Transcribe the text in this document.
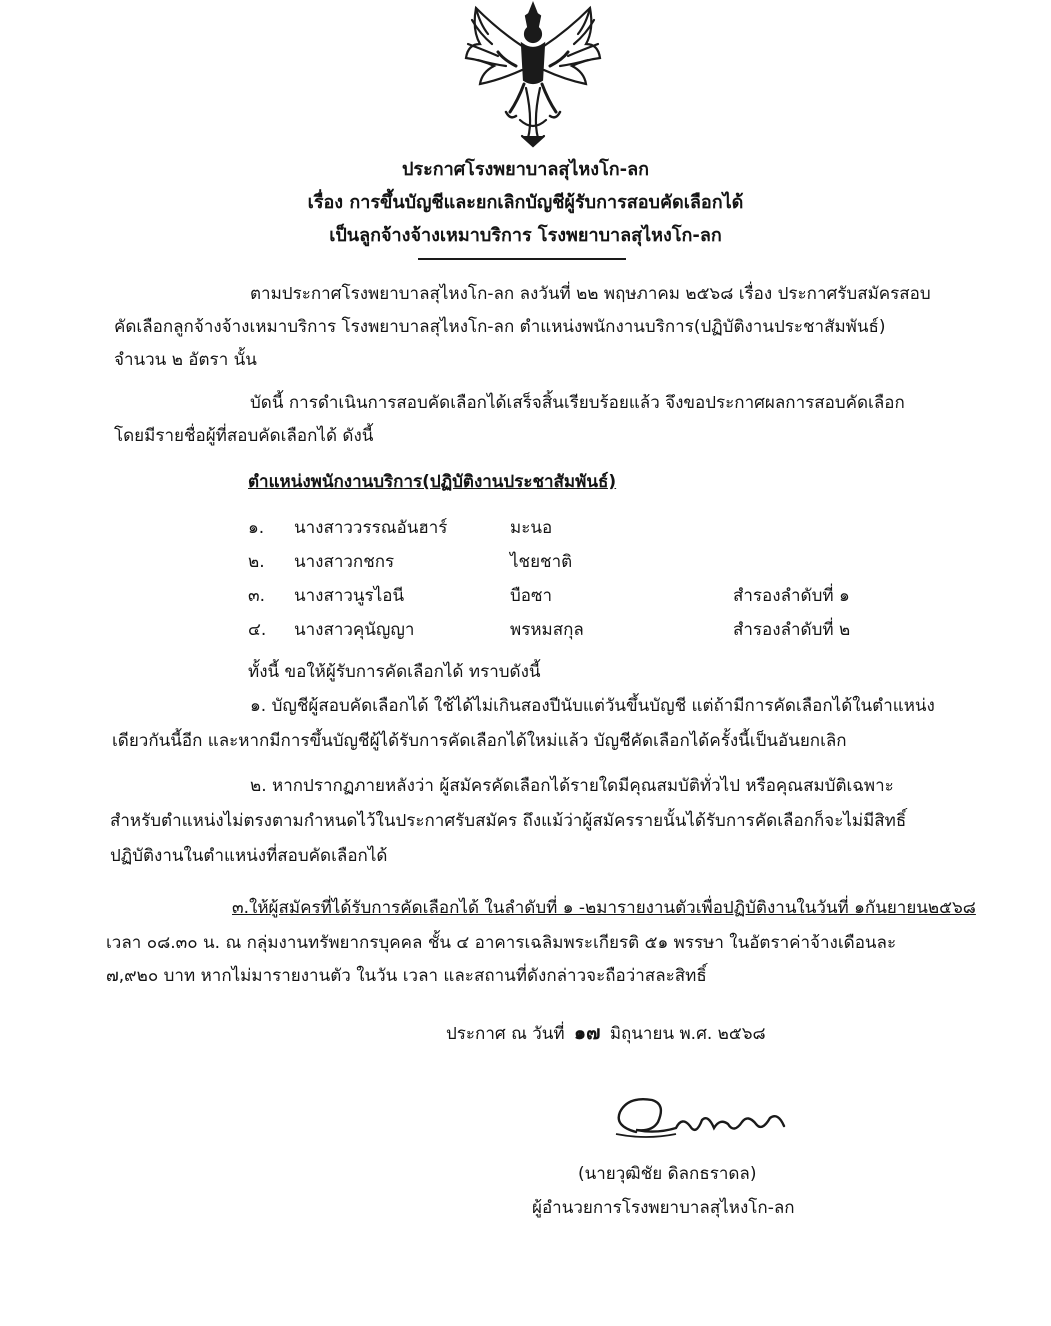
ประกาศโรงพยาบาลสุไหงโก-ลก
เรื่อง การขึ้นบัญชีและยกเลิกบัญชีผู้รับการสอบคัดเลือกได้
เป็นลูกจ้างจ้างเหมาบริการ โรงพยาบาลสุไหงโก-ลก
ตามประกาศโรงพยาบาลสุไหงโก-ลก ลงวันที่ ๒๒ พฤษภาคม ๒๕๖๘ เรื่อง ประกาศรับสมัครสอบ
คัดเลือกลูกจ้างจ้างเหมาบริการ โรงพยาบาลสุไหงโก-ลก ตำแหน่งพนักงานบริการ(ปฏิบัติงานประชาสัมพันธ์)
จำนวน ๒ อัตรา นั้น
บัดนี้ การดำเนินการสอบคัดเลือกได้เสร็จสิ้นเรียบร้อยแล้ว จึงขอประกาศผลการสอบคัดเลือก
โดยมีรายชื่อผู้ที่สอบคัดเลือกได้ ดังนี้
ตำแหน่งพนักงานบริการ(ปฏิบัติงานประชาสัมพันธ์)
๑. นางสาววรรณอันฮาร์	มะนอ
๒. นางสาวกชกร	ไชยชาติ
๓. นางสาวนูรไอนี	บือซา	สำรองลำดับที่ ๑
๔. นางสาวคุนัญญา	พรหมสกุล	สำรองลำดับที่ ๒
ทั้งนี้ ขอให้ผู้รับการคัดเลือกได้ ทราบดังนี้
๑. บัญชีผู้สอบคัดเลือกได้ ใช้ได้ไม่เกินสองปีนับแต่วันขึ้นบัญชี แต่ถ้ามีการคัดเลือกได้ในตำแหน่ง
เดียวกันนี้อีก และหากมีการขึ้นบัญชีผู้ได้รับการคัดเลือกได้ใหม่แล้ว บัญชีคัดเลือกได้ครั้งนี้เป็นอันยกเลิก
๒. หากปรากฏภายหลังว่า ผู้สมัครคัดเลือกได้รายใดมีคุณสมบัติทั่วไป หรือคุณสมบัติเฉพาะ
สำหรับตำแหน่งไม่ตรงตามกำหนดไว้ในประกาศรับสมัคร ถึงแม้ว่าผู้สมัครรายนั้นได้รับการคัดเลือกก็จะไม่มีสิทธิ์
ปฏิบัติงานในตำแหน่งที่สอบคัดเลือกได้
๓.ให้ผู้สมัครที่ได้รับการคัดเลือกได้ ในลำดับที่ ๑ -๒มารายงานตัวเพื่อปฏิบัติงานในวันที่ ๑กันยายน๒๕๖๘
เวลา ๐๘.๓๐ น. ณ กลุ่มงานทรัพยากรบุคคล ชั้น ๔ อาคารเฉลิมพระเกียรติ ๕๑ พรรษา ในอัตราค่าจ้างเดือนละ
๗,๙๒๐ บาท หากไม่มารายงานตัว ในวัน เวลา และสถานที่ดังกล่าวจะถือว่าสละสิทธิ์
ประกาศ ณ วันที่ ๑๗ มิถุนายน พ.ศ. ๒๕๖๘
(นายวุฒิชัย ดิลกธราดล)
ผู้อำนวยการโรงพยาบาลสุไหงโก-ลก
